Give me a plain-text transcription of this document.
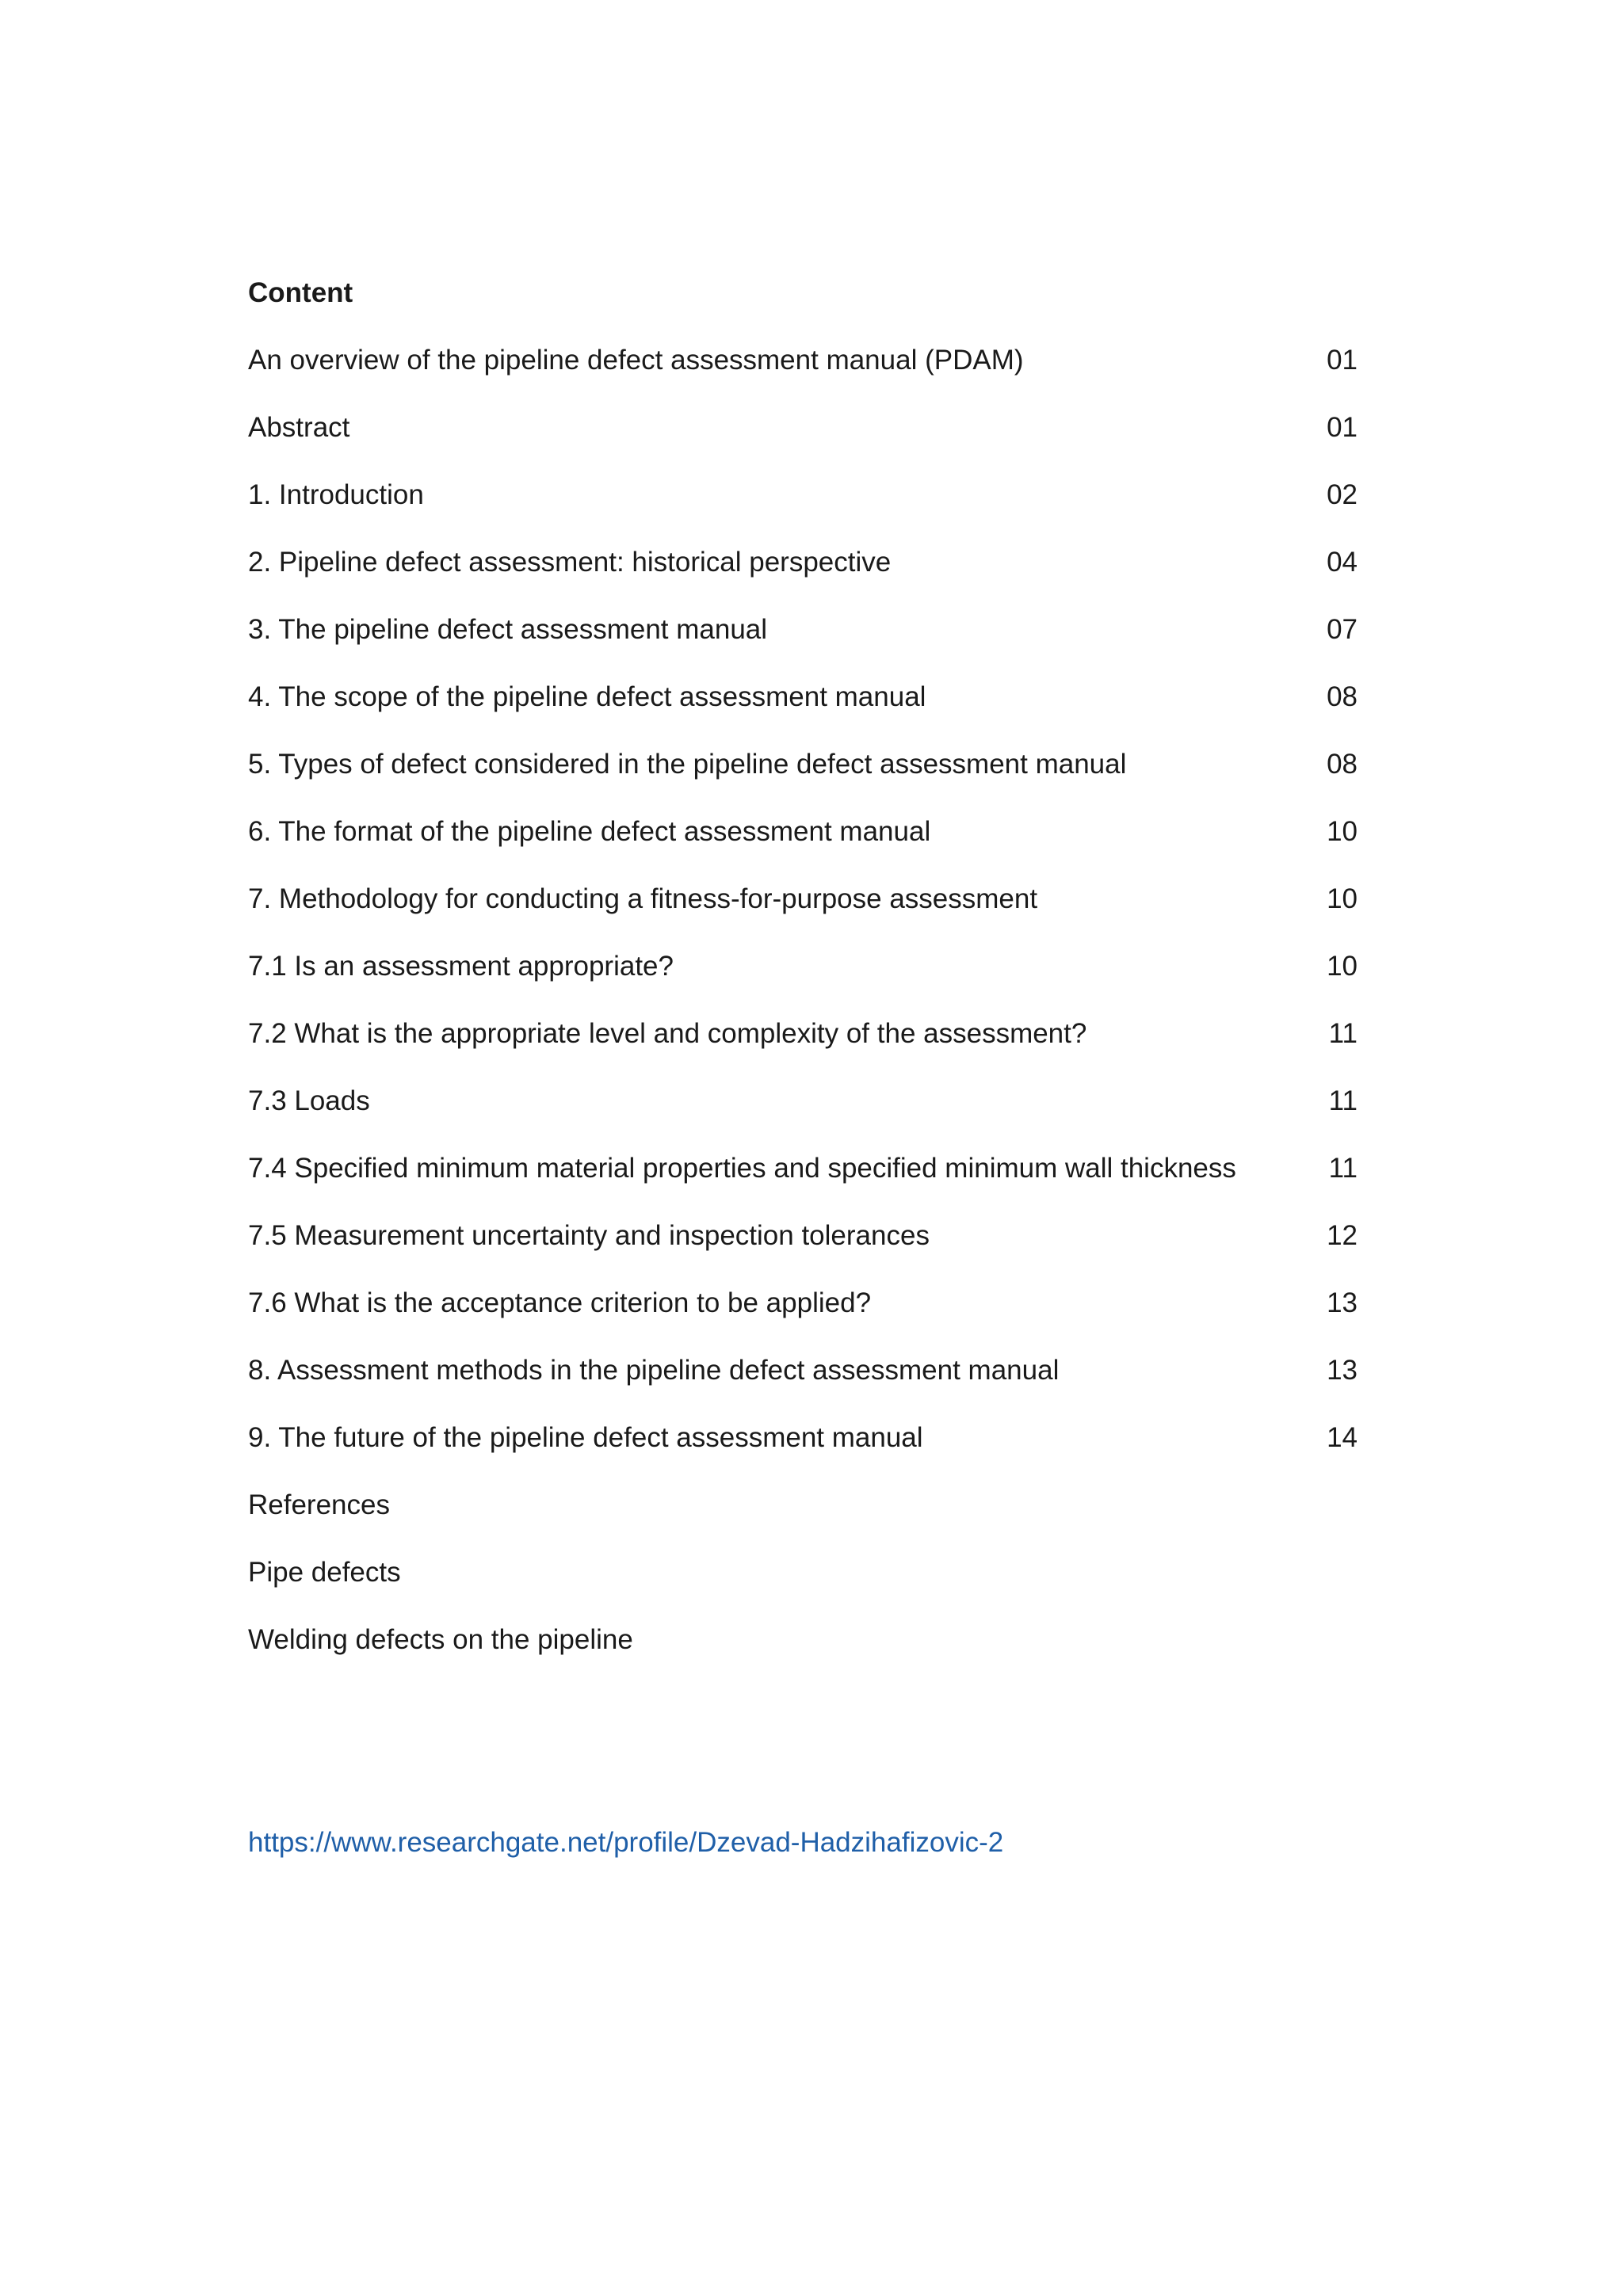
Content
An overview of the pipeline defect assessment manual (PDAM)	01
Abstract	01
1. Introduction	02
2. Pipeline defect assessment: historical perspective	04
3. The pipeline defect assessment manual	07
4. The scope of the pipeline defect assessment manual	08
5. Types of defect considered in the pipeline defect assessment manual	08
6. The format of the pipeline defect assessment manual	10
7. Methodology for conducting a fitness-for-purpose assessment	10
7.1 Is an assessment appropriate?	10
7.2 What is the appropriate level and complexity of the assessment?	11
7.3 Loads	11
7.4 Specified minimum material properties and specified minimum wall thickness	11
7.5 Measurement uncertainty and inspection tolerances	12
7.6 What is the acceptance criterion to be applied?	13
8. Assessment methods in the pipeline defect assessment manual	13
9. The future of the pipeline defect assessment manual	14
References
Pipe defects
Welding defects on the pipeline
https://www.researchgate.net/profile/Dzevad-Hadzihafizovic-2
